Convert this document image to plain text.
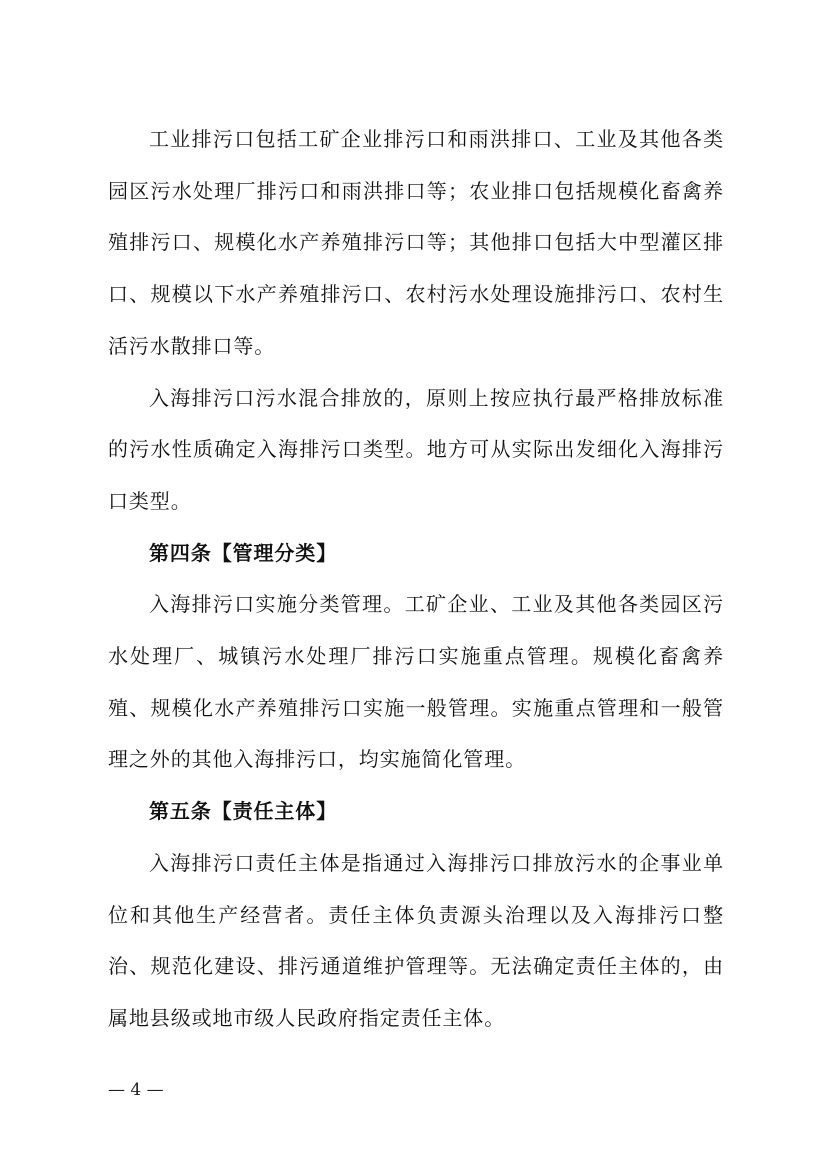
工业排污口包括工矿企业排污口和雨洪排口、工业及其他各类园区污水处理厂排污口和雨洪排口等；农业排口包括规模化畜禽养殖排污口、规模化水产养殖排污口等；其他排口包括大中型灌区排口、规模以下水产养殖排污口、农村污水处理设施排污口、农村生活污水散排口等。

入海排污口污水混合排放的，原则上按应执行最严格排放标准的污水性质确定入海排污口类型。地方可从实际出发细化入海排污口类型。

第四条【管理分类】

入海排污口实施分类管理。工矿企业、工业及其他各类园区污水处理厂、城镇污水处理厂排污口实施重点管理。规模化畜禽养殖、规模化水产养殖排污口实施一般管理。实施重点管理和一般管理之外的其他入海排污口，均实施简化管理。

第五条【责任主体】

入海排污口责任主体是指通过入海排污口排放污水的企事业单位和其他生产经营者。责任主体负责源头治理以及入海排污口整治、规范化建设、排污通道维护管理等。无法确定责任主体的，由属地县级或地市级人民政府指定责任主体。

— 4 —
